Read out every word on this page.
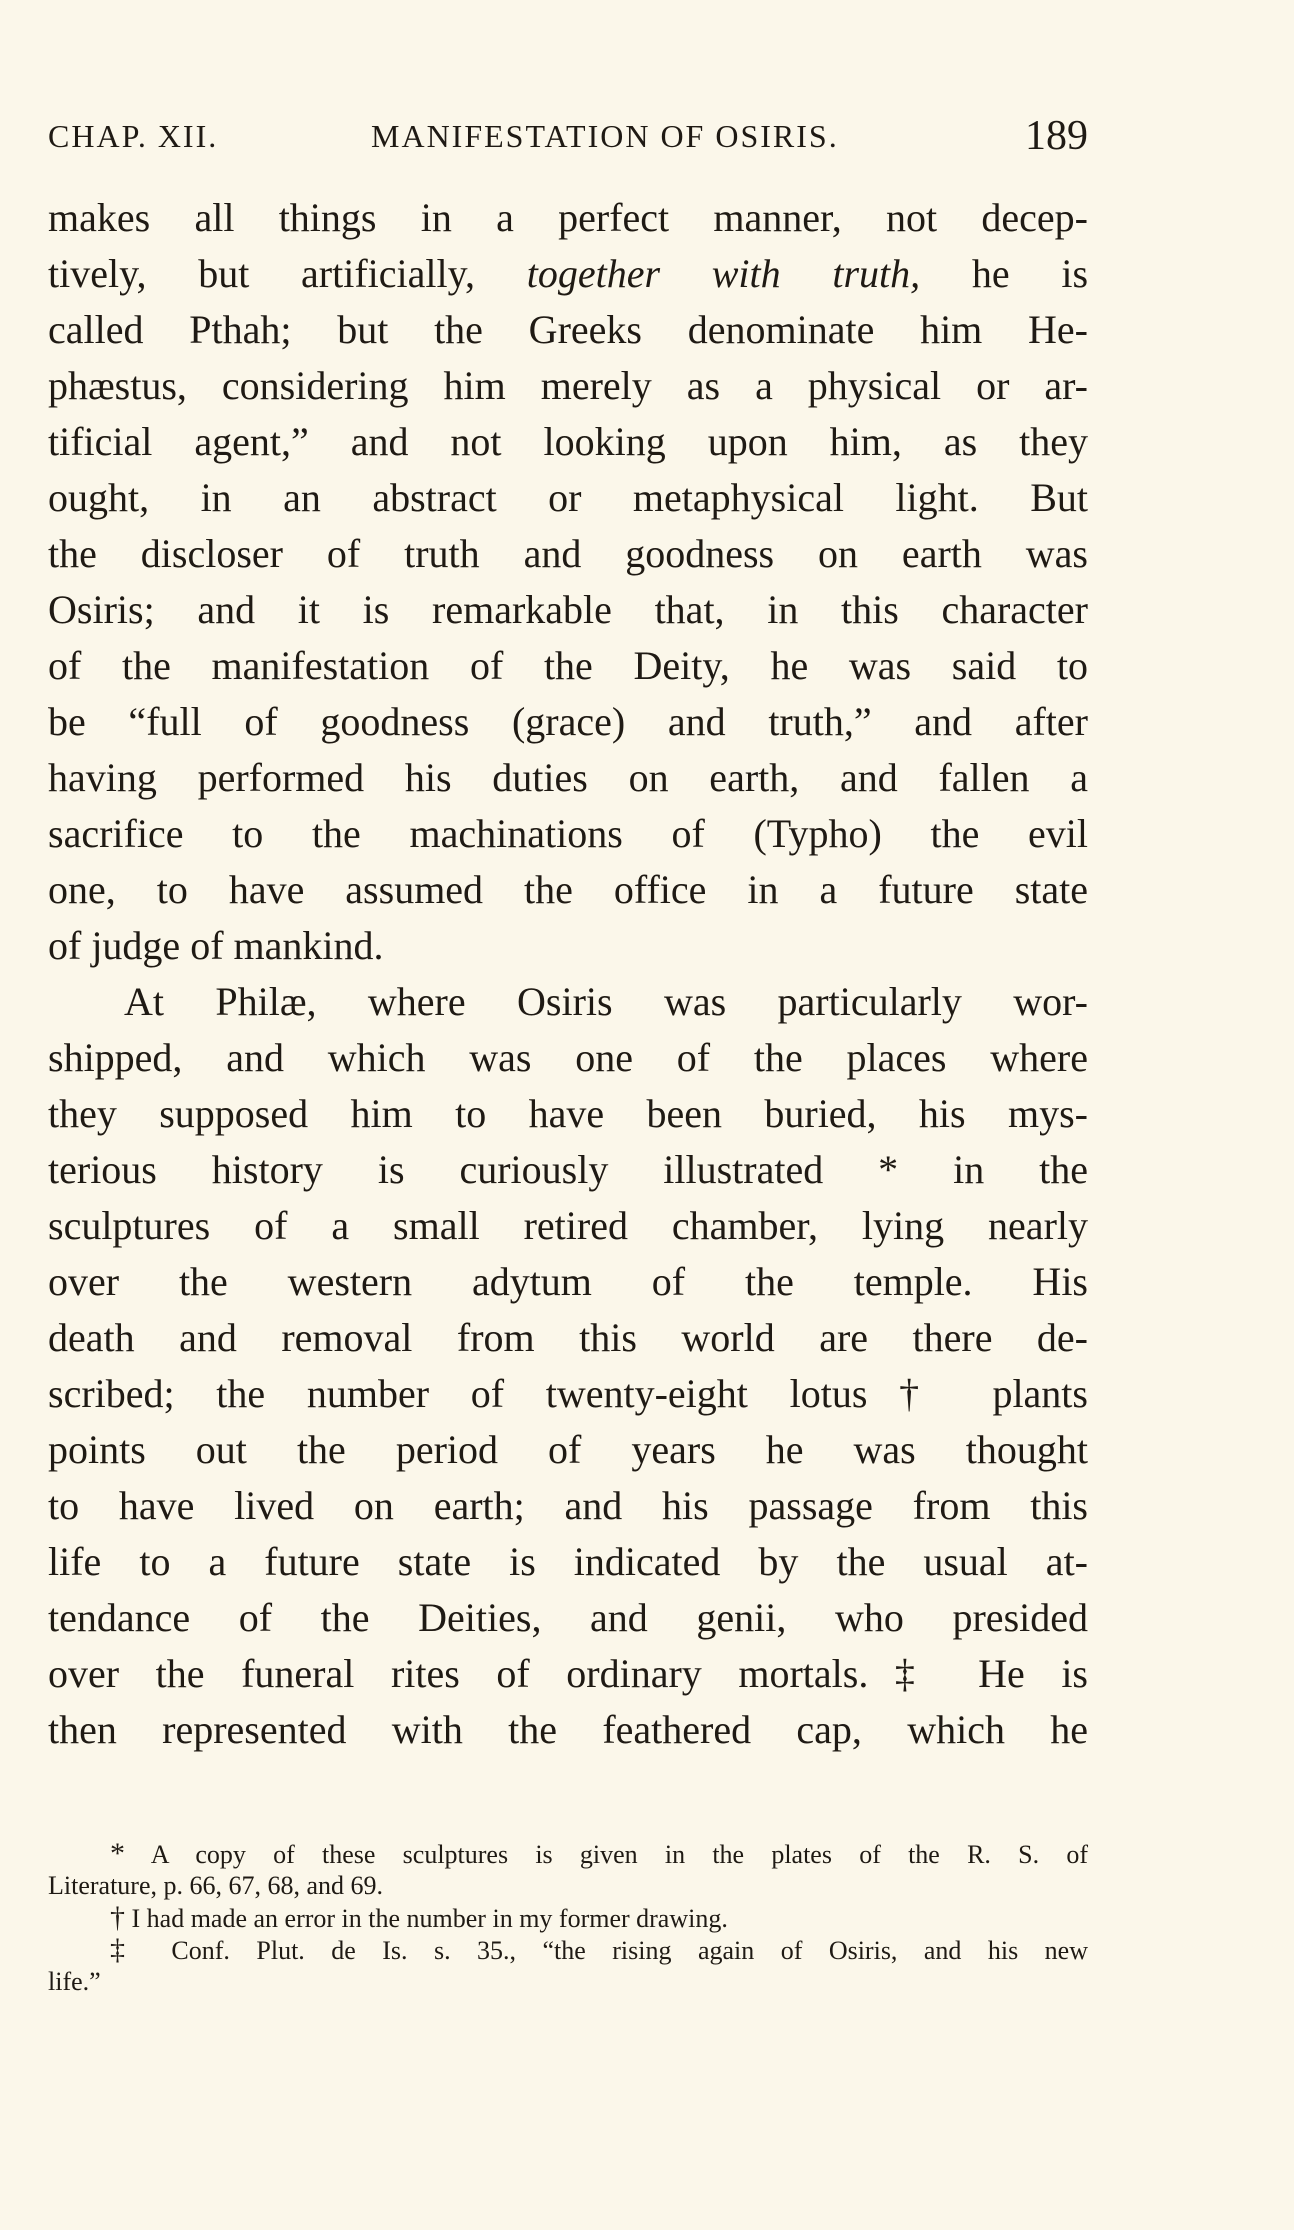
CHAP. XII.	MANIFESTATION OF OSIRIS.	189
makes all things in a perfect manner, not decep-
tively, but artificially, together with truth, he is
called Pthah; but the Greeks denominate him He-
phæstus, considering him merely as a physical or ar-
tificial agent,” and not looking upon him, as they
ought, in an abstract or metaphysical light. But
the discloser of truth and goodness on earth was
Osiris; and it is remarkable that, in this character
of the manifestation of the Deity, he was said to
be “full of goodness (grace) and truth,” and after
having performed his duties on earth, and fallen a
sacrifice to the machinations of (Typho) the evil
one, to have assumed the office in a future state
of judge of mankind.
At Philæ, where Osiris was particularly wor-
shipped, and which was one of the places where
they supposed him to have been buried, his mys-
terious history is curiously illustrated * in the
sculptures of a small retired chamber, lying nearly
over the western adytum of the temple. His
death and removal from this world are there de-
scribed; the number of twenty-eight lotus† plants
points out the period of years he was thought
to have lived on earth; and his passage from this
life to a future state is indicated by the usual at-
tendance of the Deities, and genii, who presided
over the funeral rites of ordinary mortals.‡ He is
then represented with the feathered cap, which he
* A copy of these sculptures is given in the plates of the R. S. of
Literature, p. 66, 67, 68, and 69.
† I had made an error in the number in my former drawing.
‡ Conf. Plut. de Is. s. 35., “the rising again of Osiris, and his new
life.”
